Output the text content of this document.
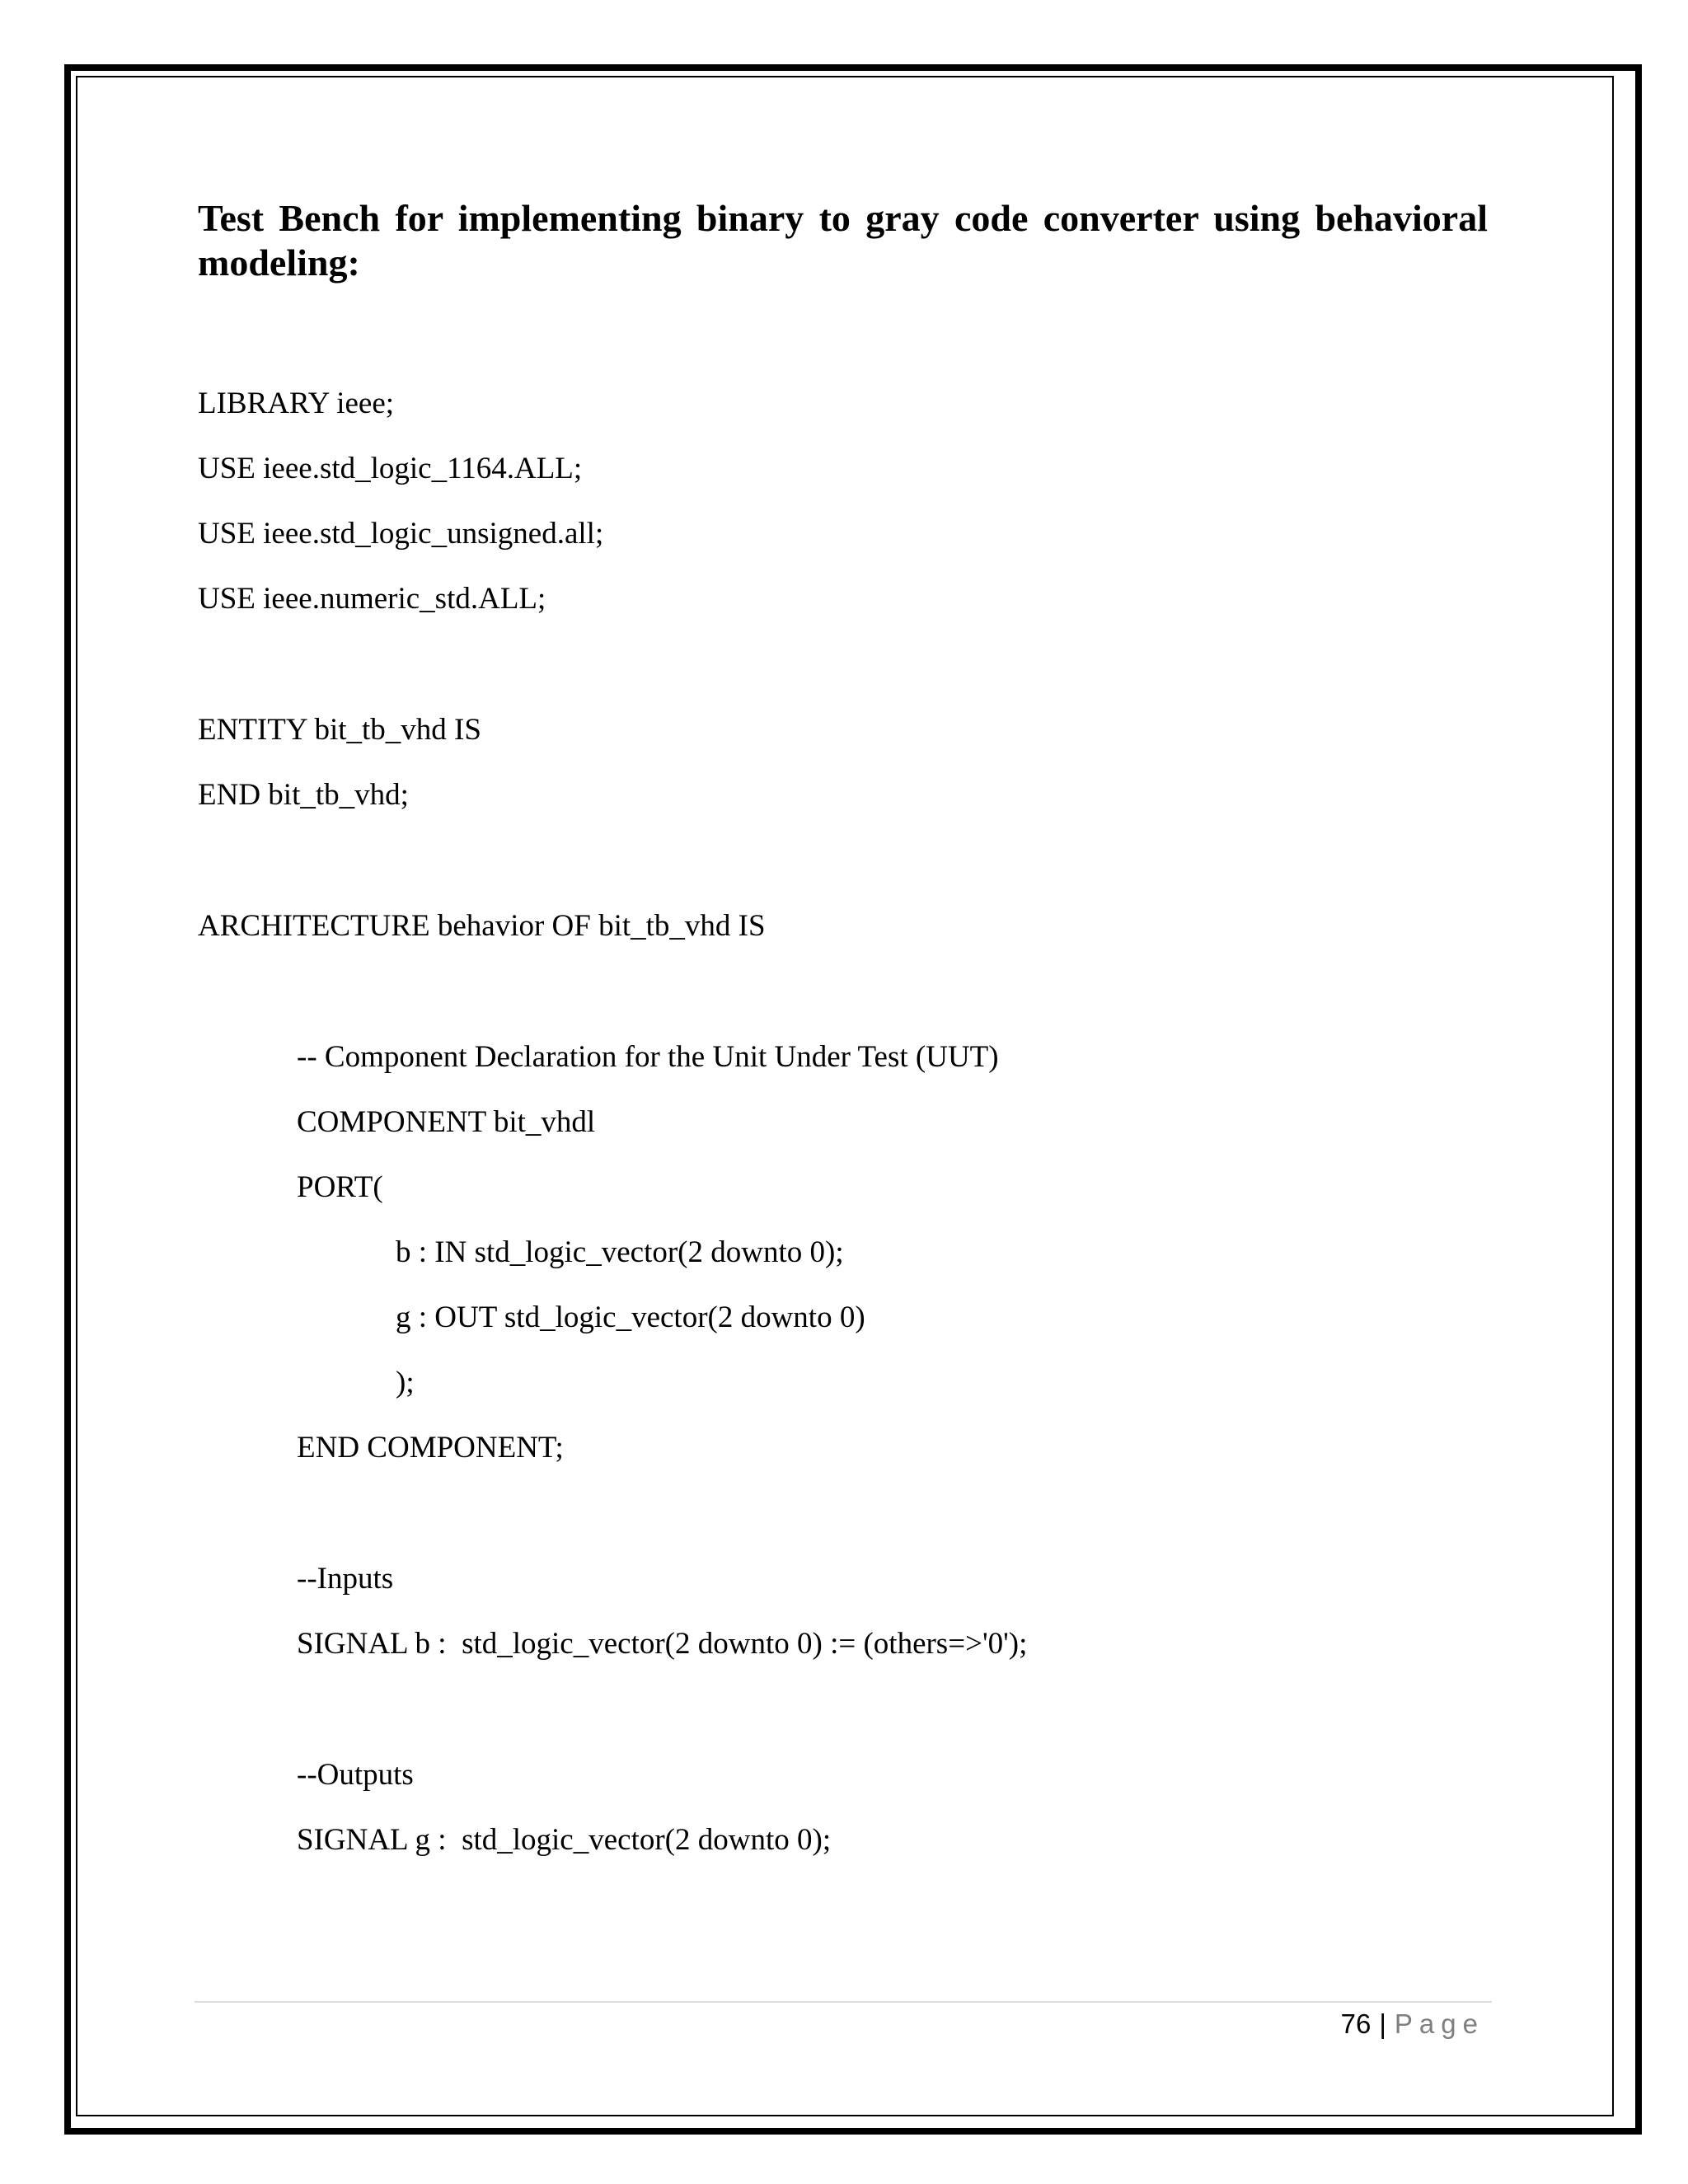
Test Bench for implementing binary to gray code converter using behavioral modeling:
LIBRARY ieee;
USE ieee.std_logic_1164.ALL;
USE ieee.std_logic_unsigned.all;
USE ieee.numeric_std.ALL;
ENTITY bit_tb_vhd IS
END bit_tb_vhd;
ARCHITECTURE behavior OF bit_tb_vhd IS
-- Component Declaration for the Unit Under Test (UUT)
COMPONENT bit_vhdl
PORT(
b : IN std_logic_vector(2 downto 0);
g : OUT std_logic_vector(2 downto 0)
);
END COMPONENT;
--Inputs
SIGNAL b :  std_logic_vector(2 downto 0) := (others=>'0');
--Outputs
SIGNAL g :  std_logic_vector(2 downto 0);
76 | Page
